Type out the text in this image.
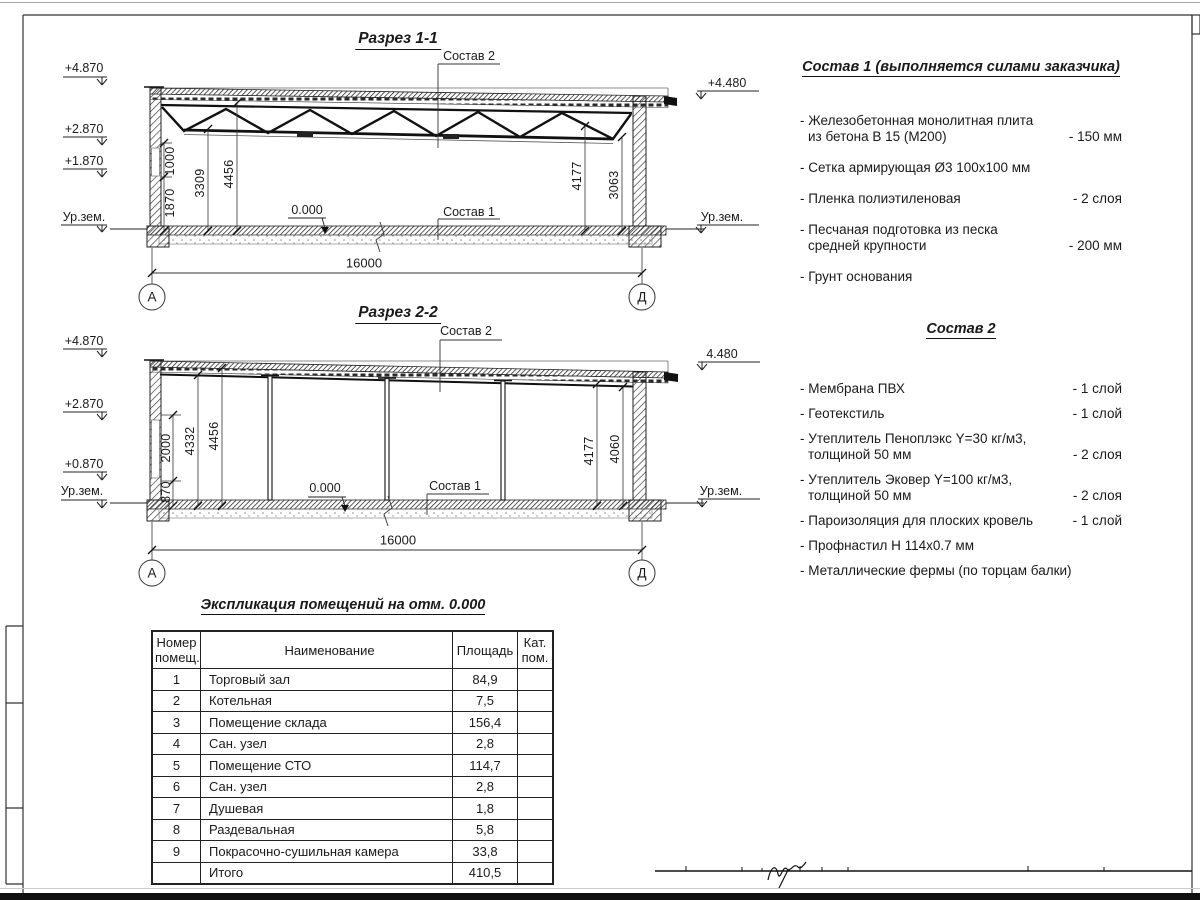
Разрез 1-1
Состав 2
Состав 1
0.000
+4.870
+2.870
+1.870
Ур.зем.
+4.480
Ур.зем.
1000
1870
3309 4456	4177 3063
16000
А	Д
Разрез 2-2
Состав 2
Состав 1
0.000
+4.870
+2.870
+0.870
Ур.зем.
4.480
Ур.зем.
2000
870
4332 4456
4177 4060
16000
А	Д
Состав 1 (выполняется силами заказчика)
- Железобетонная монолитная плита
из бетона В 15 (М200)	- 150 мм
- Сетка армирующая Ø3 100х100 мм
- Пленка полиэтиленовая	- 2 слоя
- Песчаная подготовка из песка
средней крупности	- 200 мм
- Грунт основания
Состав 2
- Мембрана ПВХ	- 1 слой
- Геотекстиль	- 1 слой
- Утеплитель Пеноплэкс Y=30 кг/м3,
толщиной 50 мм	- 2 слоя
- Утеплитель Эковер Y=100 кг/м3,
толщиной 50 мм	- 2 слоя
- Пароизоляция для плоских кровель	- 1 слой
- Профнастил Н 114х0.7 мм
- Металлические фермы (по торцам балки)
Экспликация помещений на отм. 0.000
Номер помещ.	Наименование	Площадь	Кат. пом.
1	Торговый зал	84,9	
2	Котельная	7,5	
3	Помещение склада	156,4	
4	Сан. узел	2,8	
5	Помещение СТО	114,7	
6	Сан. узел	2,8	
7	Душевая	1,8	
8	Раздевальная	5,8	
9	Покрасочно-сушильная камера	33,8	
	Итого	410,5	
